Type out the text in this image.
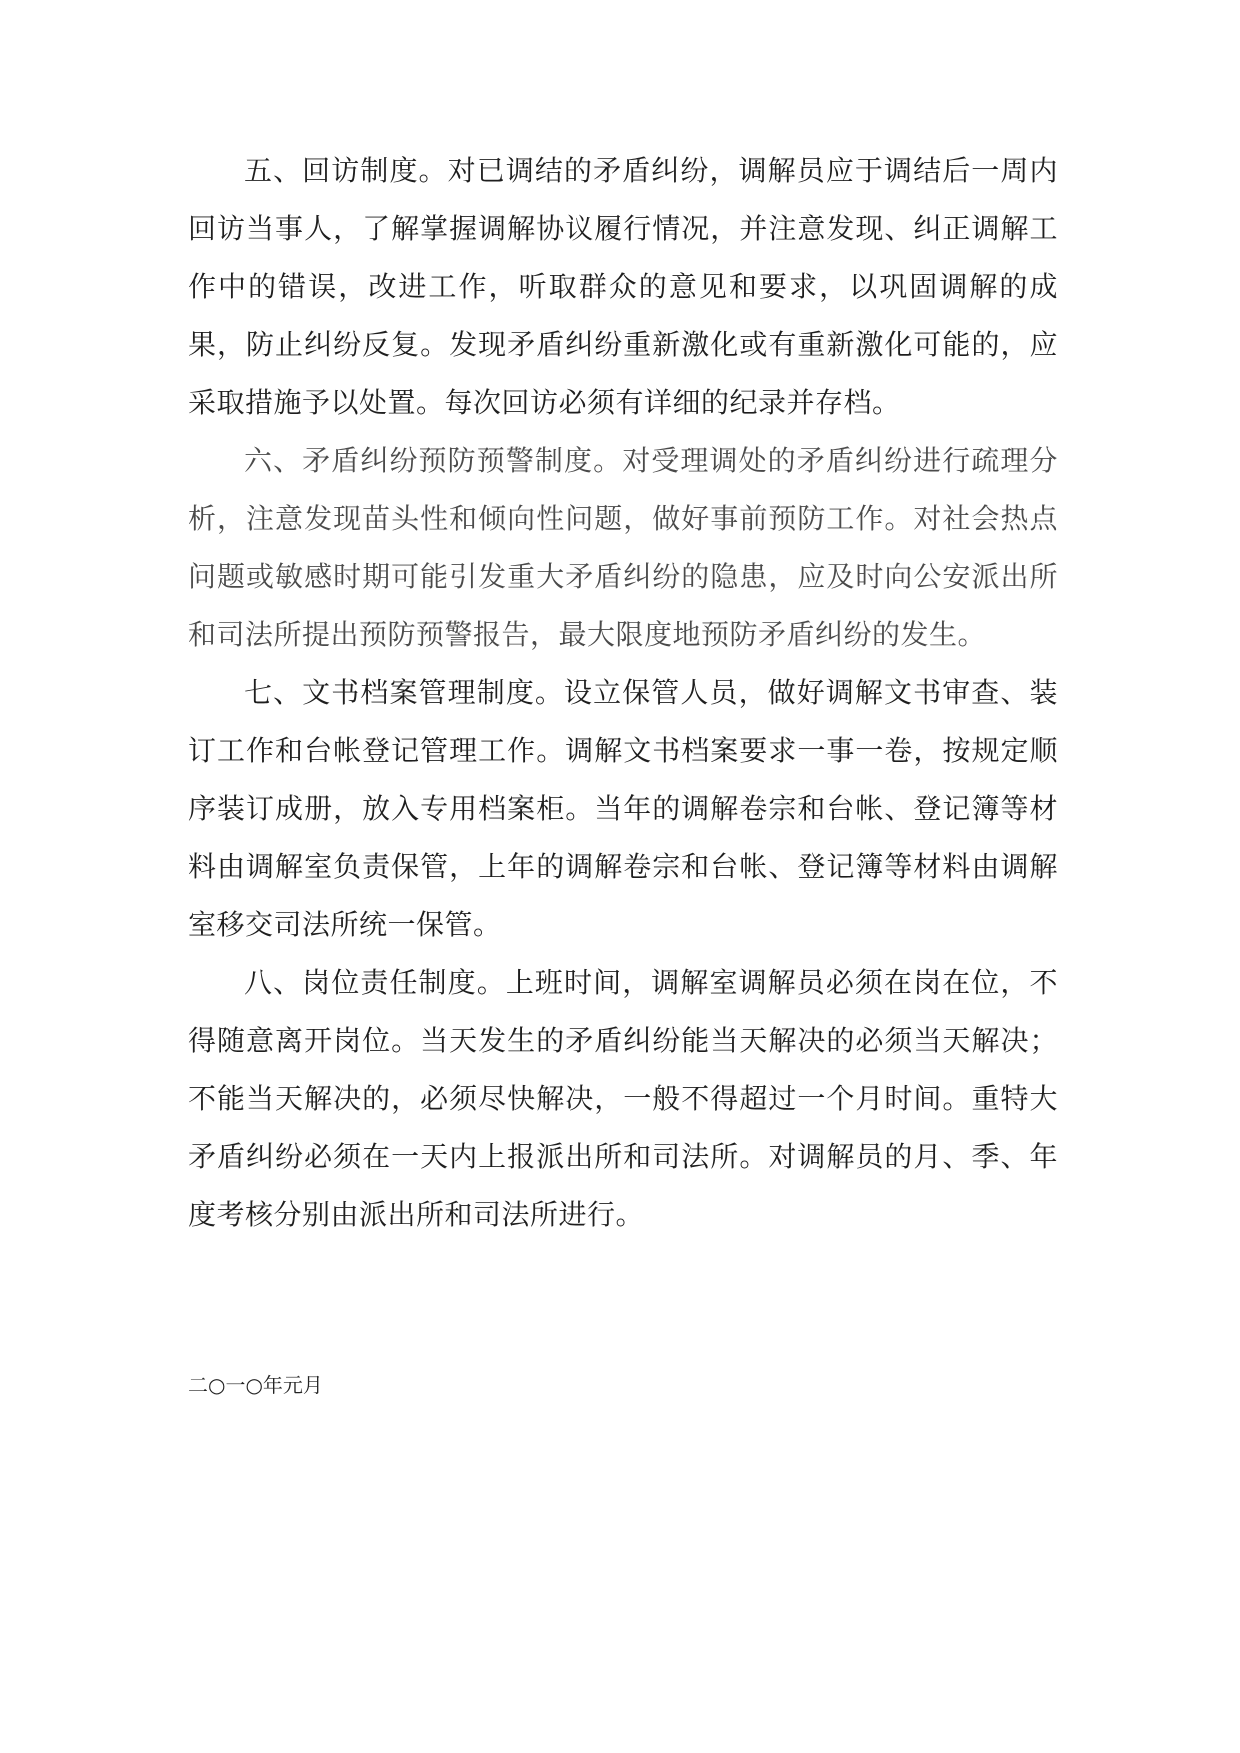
五、回访制度。对已调结的矛盾纠纷，调解员应于调结后一周内回访当事人，了解掌握调解协议履行情况，并注意发现、纠正调解工作中的错误，改进工作，听取群众的意见和要求，以巩固调解的成果，防止纠纷反复。发现矛盾纠纷重新激化或有重新激化可能的，应采取措施予以处置。每次回访必须有详细的纪录并存档。

六、矛盾纠纷预防预警制度。对受理调处的矛盾纠纷进行疏理分析，注意发现苗头性和倾向性问题，做好事前预防工作。对社会热点问题或敏感时期可能引发重大矛盾纠纷的隐患，应及时向公安派出所和司法所提出预防预警报告，最大限度地预防矛盾纠纷的发生。

七、文书档案管理制度。设立保管人员，做好调解文书审查、装订工作和台帐登记管理工作。调解文书档案要求一事一卷，按规定顺序装订成册，放入专用档案柜。当年的调解卷宗和台帐、登记簿等材料由调解室负责保管，上年的调解卷宗和台帐、登记簿等材料由调解室移交司法所统一保管。

八、岗位责任制度。上班时间，调解室调解员必须在岗在位，不得随意离开岗位。当天发生的矛盾纠纷能当天解决的必须当天解决；不能当天解决的，必须尽快解决，一般不得超过一个月时间。重特大矛盾纠纷必须在一天内上报派出所和司法所。对调解员的月、季、年度考核分别由派出所和司法所进行。

二○一○年元月
